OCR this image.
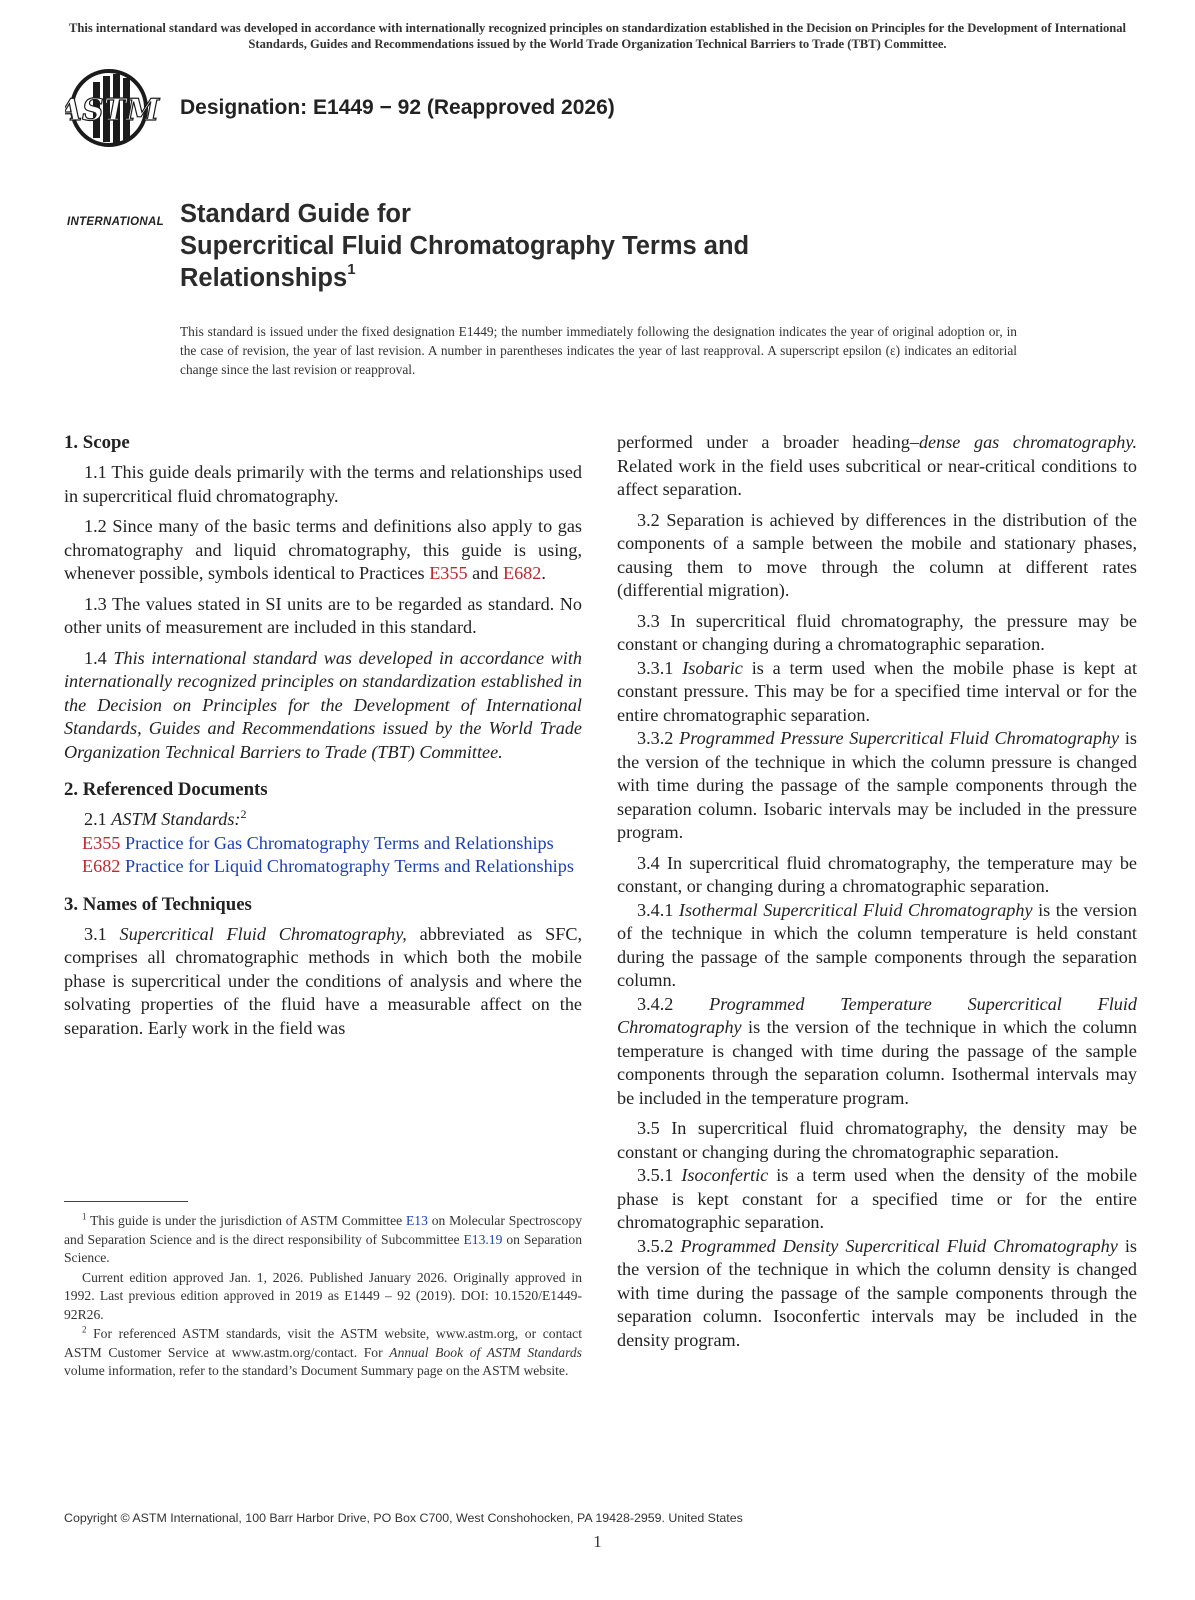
This international standard was developed in accordance with internationally recognized principles on standardization established in the Decision on Principles for the Development of International Standards, Guides and Recommendations issued by the World Trade Organization Technical Barriers to Trade (TBT) Committee.
ASTM
INTERNATIONAL
Designation: E1449 − 92 (Reapproved 2026)
Standard Guide for
Supercritical Fluid Chromatography Terms and
Relationships$^1$
This standard is issued under the fixed designation E1449; the number immediately following the designation indicates the year of original adoption or, in the case of revision, the year of last revision. A number in parentheses indicates the year of last reapproval. A superscript epsilon (ε) indicates an editorial change since the last revision or reapproval.
1. Scope

1.1 This guide deals primarily with the terms and relationships used in supercritical fluid chromatography.

1.2 Since many of the basic terms and definitions also apply to gas chromatography and liquid chromatography, this guide is using, whenever possible, symbols identical to Practices E355 and E682.

1.3 The values stated in SI units are to be regarded as standard. No other units of measurement are included in this standard.

1.4 This international standard was developed in accordance with internationally recognized principles on standardization established in the Decision on Principles for the Development of International Standards, Guides and Recommendations issued by the World Trade Organization Technical Barriers to Trade (TBT) Committee.

2. Referenced Documents

2.1 ASTM Standards:$^2$

E355 Practice for Gas Chromatography Terms and Relationships

E682 Practice for Liquid Chromatography Terms and Relationships

3. Names of Techniques

3.1 Supercritical Fluid Chromatography, abbreviated as SFC, comprises all chromatographic methods in which both the mobile phase is supercritical under the conditions of analysis and where the solvating properties of the fluid have a measurable affect on the separation. Early work in the field was

performed under a broader heading–dense gas chromatography. Related work in the field uses subcritical or near-critical conditions to affect separation.

3.2 Separation is achieved by differences in the distribution of the components of a sample between the mobile and stationary phases, causing them to move through the column at different rates (differential migration).

3.3 In supercritical fluid chromatography, the pressure may be constant or changing during a chromatographic separation.

3.3.1 Isobaric is a term used when the mobile phase is kept at constant pressure. This may be for a specified time interval or for the entire chromatographic separation.

3.3.2 Programmed Pressure Supercritical Fluid Chromatography is the version of the technique in which the column pressure is changed with time during the passage of the sample components through the separation column. Isobaric intervals may be included in the pressure program.

3.4 In supercritical fluid chromatography, the temperature may be constant, or changing during a chromatographic separation.

3.4.1 Isothermal Supercritical Fluid Chromatography is the version of the technique in which the column temperature is held constant during the passage of the sample components through the separation column.

3.4.2 Programmed Temperature Supercritical Fluid Chromatography is the version of the technique in which the column temperature is changed with time during the passage of the sample components through the separation column. Isothermal intervals may be included in the temperature program.

3.5 In supercritical fluid chromatography, the density may be constant or changing during the chromatographic separation.

3.5.1 Isoconfertic is a term used when the density of the mobile phase is kept constant for a specified time or for the entire chromatographic separation.

3.5.2 Programmed Density Supercritical Fluid Chromatography is the version of the technique in which the column density is changed with time during the passage of the sample components through the separation column. Isoconfertic intervals may be included in the density program.

$^1$ This guide is under the jurisdiction of ASTM Committee E13 on Molecular Spectroscopy and Separation Science and is the direct responsibility of Subcommittee E13.19 on Separation Science.

Current edition approved Jan. 1, 2026. Published January 2026. Originally approved in 1992. Last previous edition approved in 2019 as E1449 – 92 (2019). DOI: 10.1520/E1449-92R26.

$^2$ For referenced ASTM standards, visit the ASTM website, www.astm.org, or contact ASTM Customer Service at www.astm.org/contact. For Annual Book of ASTM Standards volume information, refer to the standard’s Document Summary page on the ASTM website.

Copyright © ASTM International, 100 Barr Harbor Drive, PO Box C700, West Conshohocken, PA 19428-2959. United States
1
